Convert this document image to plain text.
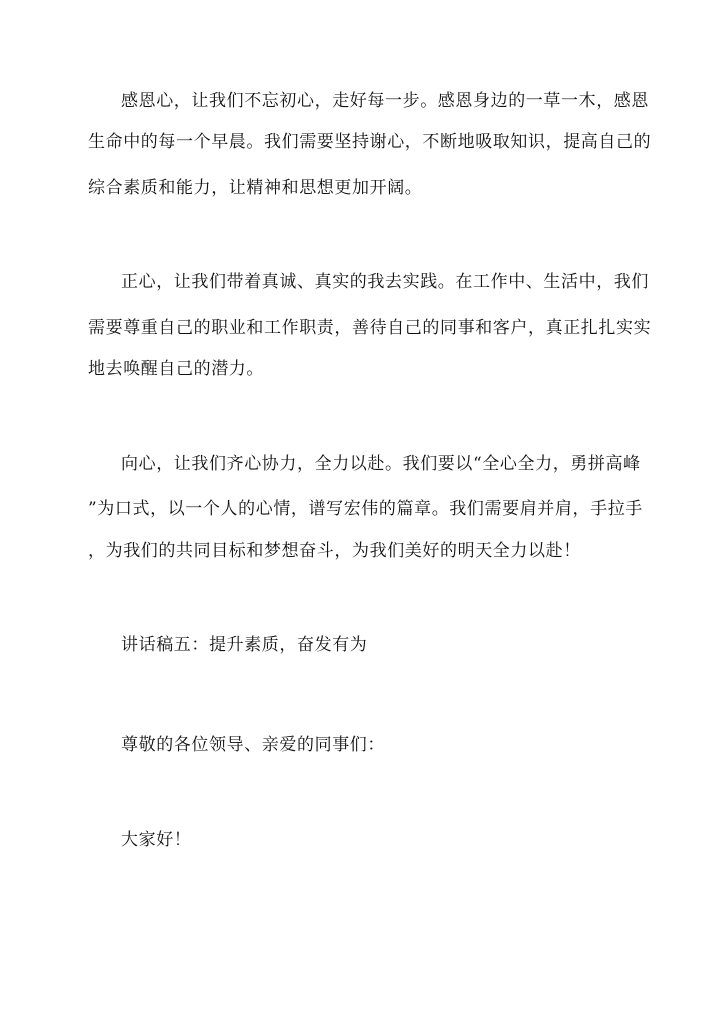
感恩心，让我们不忘初心，走好每一步。感恩身边的一草一木，感恩
生命中的每一个早晨。我们需要坚持谢心，不断地吸取知识，提高自己的
综合素质和能力，让精神和思想更加开阔。
正心，让我们带着真诚、真实的我去实践。在工作中、生活中，我们
需要尊重自己的职业和工作职责，善待自己的同事和客户，真正扎扎实实
地去唤醒自己的潜力。
向心，让我们齐心协力，全力以赴。我们要以“全心全力，勇拼高峰
”为口式，以一个人的心情，谱写宏伟的篇章。我们需要肩并肩，手拉手
，为我们的共同目标和梦想奋斗，为我们美好的明天全力以赴！
讲话稿五：提升素质，奋发有为
尊敬的各位领导、亲爱的同事们：
大家好！
